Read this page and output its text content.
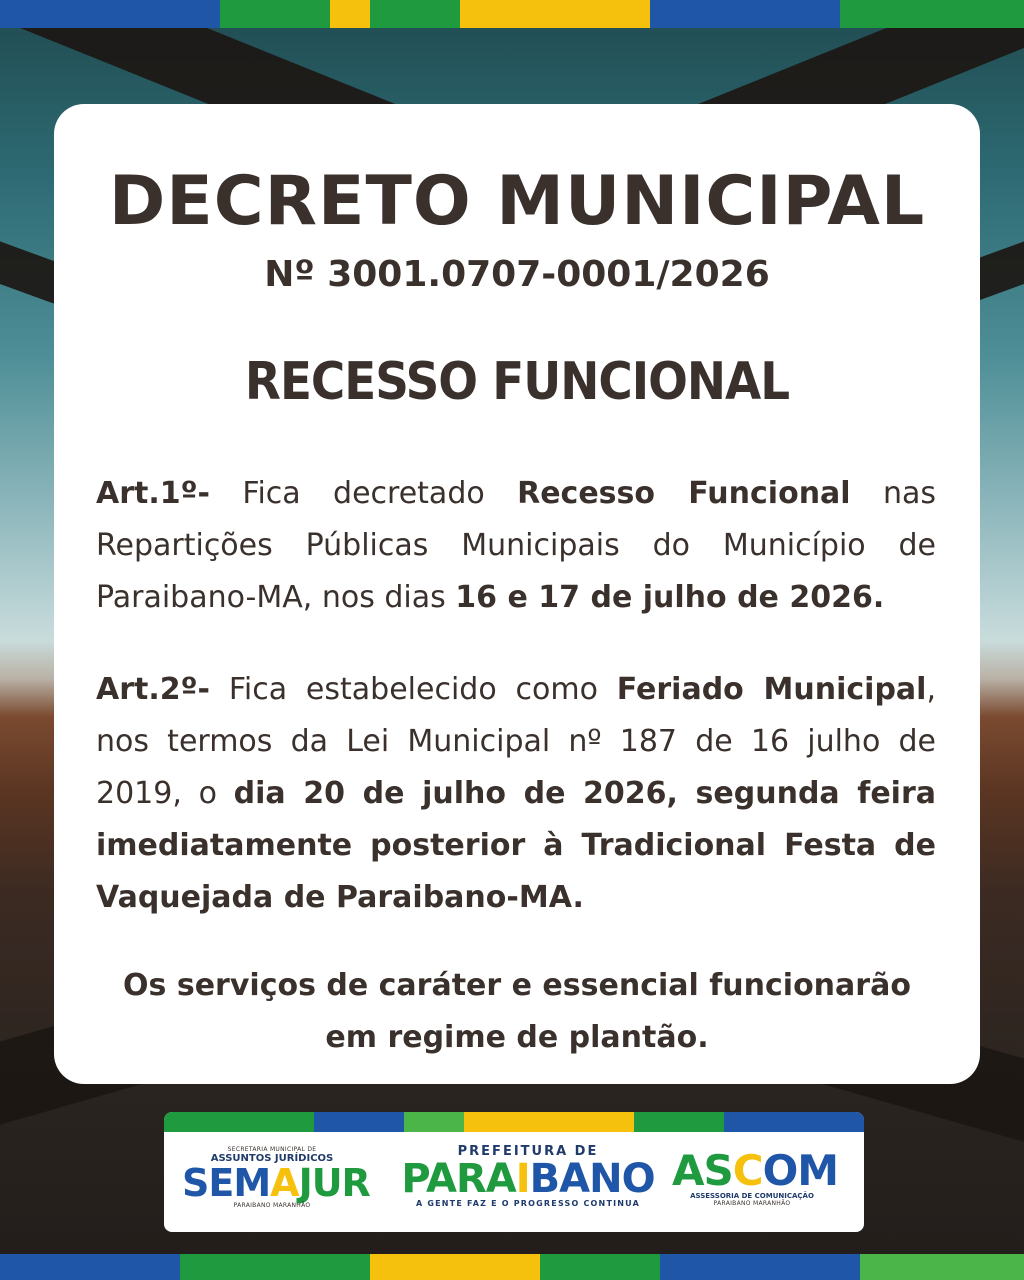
DECRETO MUNICIPAL
Nº 3001.0707-0001/2026
RECESSO FUNCIONAL

Art.1º- Fica decretado Recesso Funcional nas Repartições Públicas Municipais do Município de Paraibano-MA, nos dias 16 e 17 de julho de 2026.

Art.2º- Fica estabelecido como Feriado Municipal, nos termos da Lei Municipal nº 187 de 16 julho de 2019, o dia 20 de julho de 2026, segunda feira imediatamente posterior à Tradicional Festa de Vaquejada de Paraibano-MA.

Os serviços de caráter e essencial funcionarão
em regime de plantão.
SECRETARIA MUNICIPAL DE
ASSUNTOS JURÍDICOS
SEMAJUR
PARAIBANO MARANHÃO
PREFEITURA DE
PARAIBANO
A GENTE FAZ E O PROGRESSO CONTINUA
ASCOM
ASSESSORIA DE COMUNICAÇÃO
PARAIBANO MARANHÃO
